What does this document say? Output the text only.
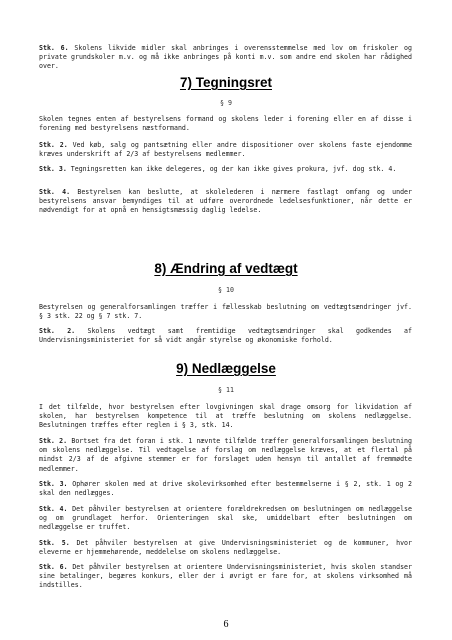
Stk. 6. Skolens likvide midler skal anbringes i overensstemmelse med lov om friskoler og private grundskoler m.v. og må ikke anbringes på konti m.v. som andre end skolen har rådighed over.

7) Tegningsret
§ 9

Skolen tegnes enten af bestyrelsens formand og skolens leder i forening eller en af disse i forening med bestyrelsens næstformand.

Stk. 2. Ved køb, salg og pantsætning eller andre dispositioner over skolens faste ejendomme kræves underskrift af 2/3 af bestyrelsens medlemmer.

Stk. 3. Tegningsretten kan ikke delegeres, og der kan ikke gives prokura, jvf. dog stk. 4.

Stk. 4. Bestyrelsen kan beslutte, at skolelederen i nærmere fastlagt omfang og under bestyrelsens ansvar bemyndiges til at udføre overordnede ledelsesfunktioner, når dette er nødvendigt for at opnå en hensigtsmæssig daglig ledelse.

8) Ændring af vedtægt
§ 10

Bestyrelsen og generalforsamlingen træffer i fællesskab beslutning om vedtægtsændringer jvf. § 3 stk. 22 og § 7 stk. 7.

Stk. 2. Skolens vedtægt samt fremtidige vedtægtsændringer skal godkendes af Undervisningsministeriet for så vidt angår styrelse og økonomiske forhold.

9) Nedlæggelse
§ 11

I det tilfælde, hvor bestyrelsen efter lovgivningen skal drage omsorg for likvidation af skolen, har bestyrelsen kompetence til at træffe beslutning om skolens nedlæggelse. Beslutningen træffes efter reglen i § 3, stk. 14.

Stk. 2. Bortset fra det foran i stk. 1 nævnte tilfælde træffer generalforsamlingen beslutning om skolens nedlæggelse. Til vedtagelse af forslag om nedlæggelse kræves, at et flertal på mindst 2/3 af de afgivne stemmer er for forslaget uden hensyn til antallet af fremmødte medlemmer.

Stk. 3. Ophører skolen med at drive skolevirksomhed efter bestemmelserne i § 2, stk. 1 og 2 skal den nedlægges.

Stk. 4. Det påhviler bestyrelsen at orientere forældrekredsen om beslutningen om nedlæggelse og om grundlaget herfor. Orienteringen skal ske, umiddelbart efter beslutningen om nedlæggelse er truffet.

Stk. 5. Det påhviler bestyrelsen at give Undervisningsministeriet og de kommuner, hvor eleverne er hjemmehørende, meddelelse om skolens nedlæggelse.

Stk. 6. Det påhviler bestyrelsen at orientere Undervisningsministeriet, hvis skolen standser sine betalinger, begæres konkurs, eller der i øvrigt er fare for, at skolens virksomhed må indstilles.

6
